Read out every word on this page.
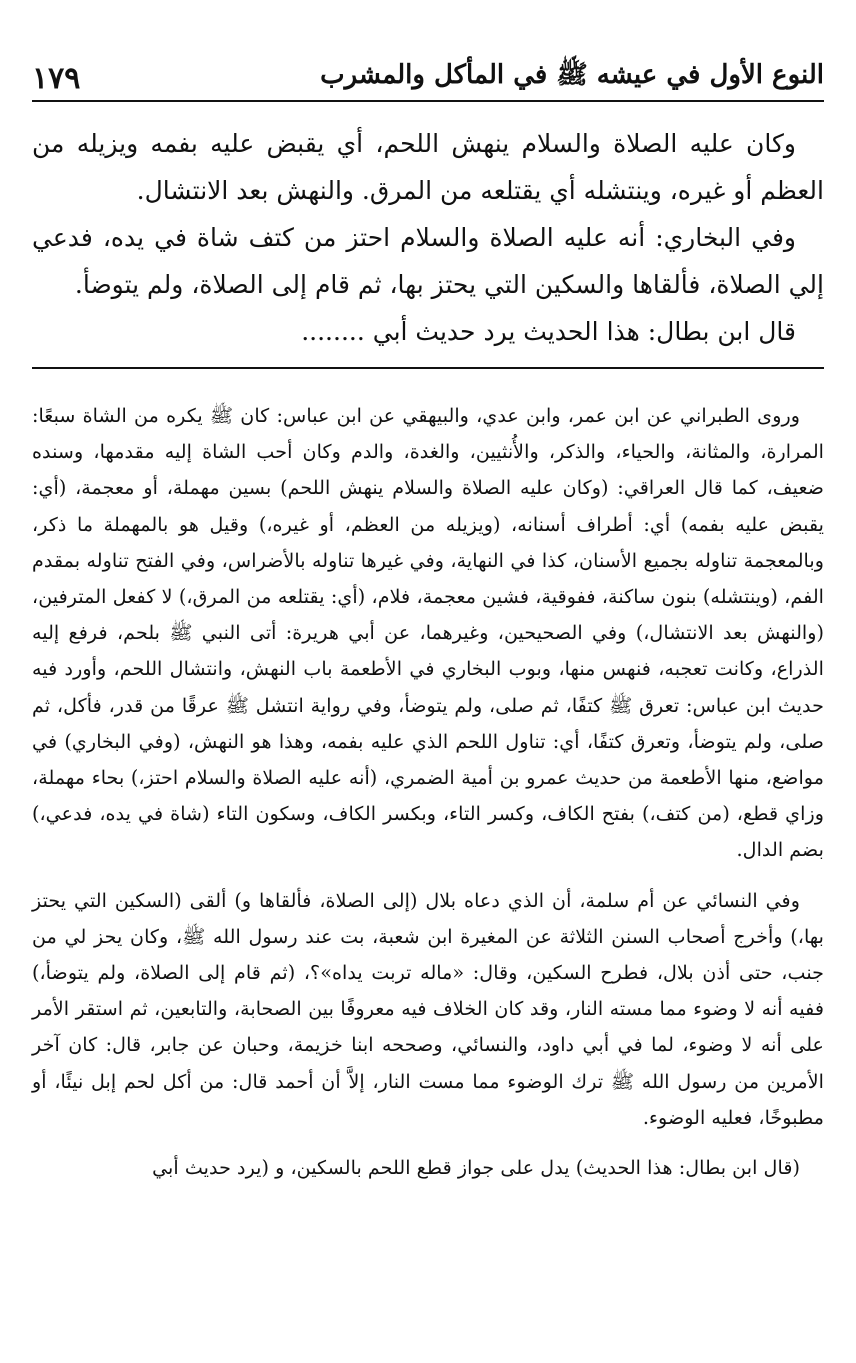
النوع الأول في عيشه ﷺ في المأكل والمشرب
١٧٩

وكان عليه الصلاة والسلام ينهش اللحم، أي يقبض عليه بفمه ويزيله من العظم أو غيره، وينتشله أي يقتلعه من المرق. والنهش بعد الانتشال.

وفي البخاري: أنه عليه الصلاة والسلام احتز من كتف شاة في يده، فدعي إلي الصلاة، فألقاها والسكين التي يحتز بها، ثم قام إلى الصلاة، ولم يتوضأ.

قال ابن بطال: هذا الحديث يرد حديث أبي ........

وروى الطبراني عن ابن عمر، وابن عدي، والبيهقي عن ابن عباس: كان ﷺ يكره من الشاة سبعًا: المرارة، والمثانة، والحياء، والذكر، والأُنثيين، والغدة، والدم وكان أحب الشاة إليه مقدمها، وسنده ضعيف، كما قال العراقي: (وكان عليه الصلاة والسلام ينهش اللحم) بسين مهملة، أو معجمة، (أي: يقبض عليه بفمه) أي: أطراف أسنانه، (ويزيله من العظم، أو غيره،) وقيل هو بالمهملة ما ذكر، وبالمعجمة تناوله بجميع الأسنان، كذا في النهاية، وفي غيرها تناوله بالأضراس، وفي الفتح تناوله بمقدم الفم، (وينتشله) بنون ساكنة، ففوقية، فشين معجمة، فلام، (أي: يقتلعه من المرق،) لا كفعل المترفين، (والنهش بعد الانتشال،) وفي الصحيحين، وغيرهما، عن أبي هريرة: أتى النبي ﷺ بلحم، فرفع إليه الذراع، وكانت تعجبه، فنهس منها، وبوب البخاري في الأطعمة باب النهش، وانتشال اللحم، وأورد فيه حديث ابن عباس: تعرق ﷺ كتفًا، ثم صلى، ولم يتوضأ، وفي رواية انتشل ﷺ عرقًا من قدر، فأكل، ثم صلى، ولم يتوضأ، وتعرق كتفًا، أي: تناول اللحم الذي عليه بفمه، وهذا هو النهش، (وفي البخاري) في مواضع، منها الأطعمة من حديث عمرو بن أمية الضمري، (أنه عليه الصلاة والسلام احتز،) بحاء مهملة، وزاي قطع، (من كتف،) بفتح الكاف، وكسر التاء، وبكسر الكاف، وسكون التاء (شاة في يده، فدعي،) بضم الدال.

وفي النسائي عن أم سلمة، أن الذي دعاه بلال (إلى الصلاة، فألقاها و) ألقى (السكين التي يحتز بها،) وأخرج أصحاب السنن الثلاثة عن المغيرة ابن شعبة، بت عند رسول الله ﷺ، وكان يحز لي من جنب، حتى أذن بلال، فطرح السكين، وقال: «ماله تربت يداه»؟، (ثم قام إلى الصلاة، ولم يتوضأ،) ففيه أنه لا وضوء مما مسته النار، وقد كان الخلاف فيه معروفًا بين الصحابة، والتابعين، ثم استقر الأمر على أنه لا وضوء، لما في أبي داود، والنسائي، وصححه ابنا خزيمة، وحبان عن جابر، قال: كان آخر الأمرين من رسول الله ﷺ ترك الوضوء مما مست النار، إلاَّ أن أحمد قال: من أكل لحم إبل نيئًا، أو مطبوخًا، فعليه الوضوء.

(قال ابن بطال: هذا الحديث) يدل على جواز قطع اللحم بالسكين، و (يرد حديث أبي
